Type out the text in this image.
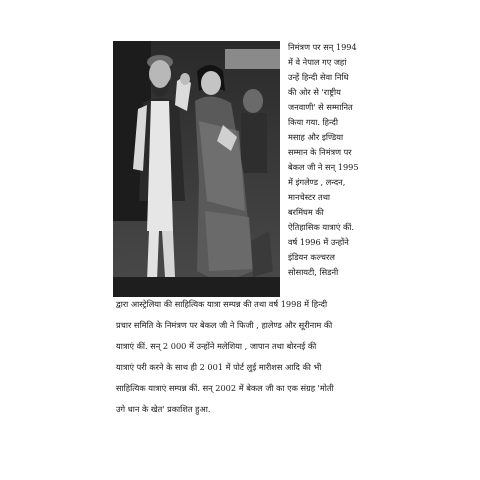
निमंत्रण पर सन् 1994
में वे नेपाल गए जहां
उन्हें हिन्दी सेवा निधि
की ओर से 'राष्ट्रीय
जनवाणी' से सम्मानित
किया गया. हिन्दी
मसाह और इण्डिया
सम्मान के निमंत्रण पर
बेकल जी ने सन् 1995
में इंगलेण्ड , लन्दन,
मानचेस्टर तथा
बरमिंघम की
ऐतिहासिक यात्राएं कीं.
वर्ष 1996 में उन्होंने
इंडियन कल्चरल
सोसायटी, सिडनी
द्वारा आस्ट्रेलिया की साहित्यिक यात्रा सम्पन्न की तथा वर्ष 1998 में हिन्दी
प्रचार समिति के निमंत्रण पर बेकल जी ने फिजी , हालेण्ड और सूरीनाम की
यात्राएं कीं. सन् 2 000 में उन्होंने मलेशिया , जापान तथा बोरनई की
यात्राएं परी करने के साथ ही 2 001 में पोर्ट लुई मारीशस आदि की भी
साहित्यिक यात्राएं सम्पन्न कीं. सन् 2002 में बेकल जी का एक संग्रह 'मोती
उगे धान के खेत' प्रकाशित हुआ.
